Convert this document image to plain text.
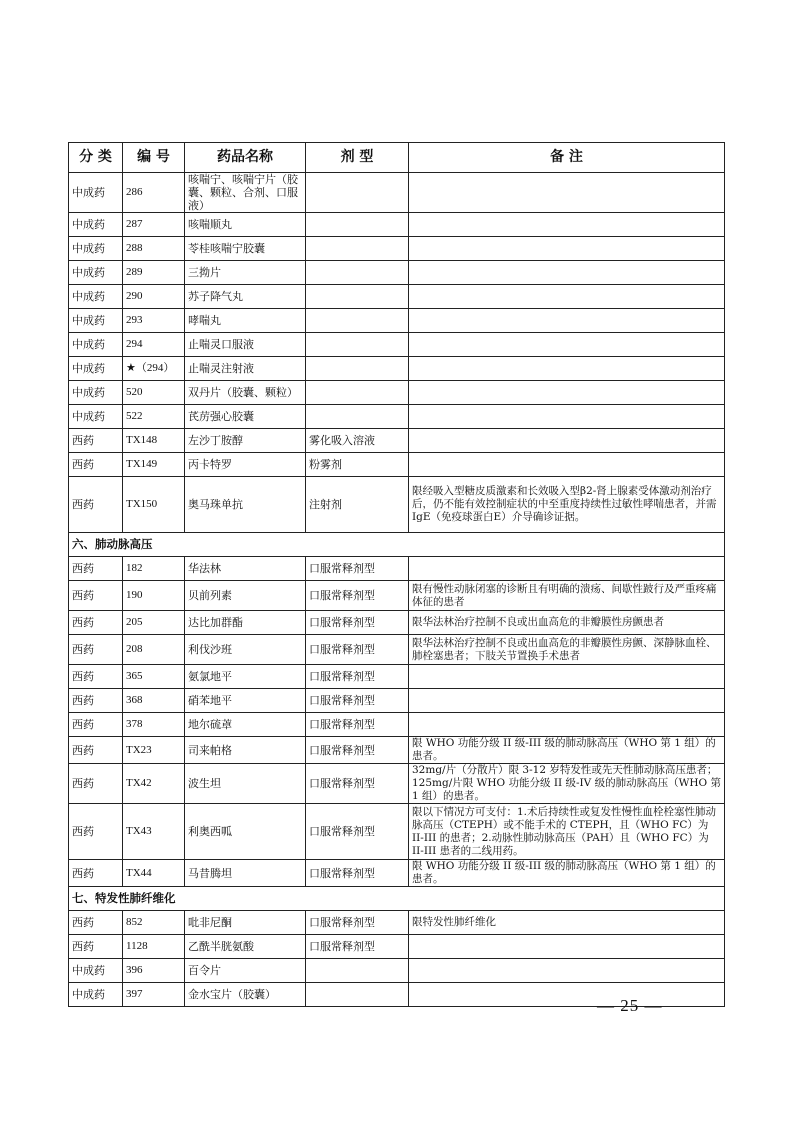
分 类	编 号	药品名称	剂 型	备 注
中成药	286	咳喘宁、咳喘宁片（胶囊、颗粒、合剂、口服液）		
中成药	287	咳喘顺丸		
中成药	288	苓桂咳喘宁胶囊		
中成药	289	三拗片		
中成药	290	苏子降气丸		
中成药	293	哮喘丸		
中成药	294	止喘灵口服液		
中成药	★（294）	止喘灵注射液		
中成药	520	双丹片（胶囊、颗粒）		
中成药	522	芪苈强心胶囊		
西药	TX148	左沙丁胺醇	雾化吸入溶液	
西药	TX149	丙卡特罗	粉雾剂	
西药	TX150	奥马珠单抗	注射剂	限经吸入型糖皮质激素和长效吸入型β2-肾上腺素受体激动剂治疗后，仍不能有效控制症状的中至重度持续性过敏性哮喘患者，并需IgE（免疫球蛋白E）介导确诊证据。
六、肺动脉高压				
西药	182	华法林	口服常释剂型	
西药	190	贝前列素	口服常释剂型	限有慢性动脉闭塞的诊断且有明确的溃疡、间歇性跛行及严重疼痛体征的患者
西药	205	达比加群酯	口服常释剂型	限华法林治疗控制不良或出血高危的非瓣膜性房颤患者
西药	208	利伐沙班	口服常释剂型	限华法林治疗控制不良或出血高危的非瓣膜性房颤、深静脉血栓、肺栓塞患者；下肢关节置换手术患者
西药	365	氨氯地平	口服常释剂型	
西药	368	硝苯地平	口服常释剂型	
西药	378	地尔硫䓬	口服常释剂型	
西药	TX23	司来帕格	口服常释剂型	限 WHO 功能分级 II 级-III 级的肺动脉高压（WHO 第 1 组）的患者。
西药	TX42	波生坦	口服常释剂型	32mg/片（分散片）限 3-12 岁特发性或先天性肺动脉高压患者；125mg/片限 WHO 功能分级 II 级-IV 级的肺动脉高压（WHO 第 1 组）的患者。
西药	TX43	利奥西呱	口服常释剂型	限以下情况方可支付：1.术后持续性或复发性慢性血栓栓塞性肺动脉高压（CTEPH）或不能手术的 CTEPH，且（WHO FC）为 II-III 的患者；2.动脉性肺动脉高压（PAH）且（WHO FC）为 II-III 患者的二线用药。
西药	TX44	马昔腾坦	口服常释剂型	限 WHO 功能分级 II 级-III 级的肺动脉高压（WHO 第 1 组）的患者。
七、特发性肺纤维化				
西药	852	吡非尼酮	口服常释剂型	限特发性肺纤维化
西药	1128	乙酰半胱氨酸	口服常释剂型	
中成药	396	百令片		
中成药	397	金水宝片（胶囊）		
— 25 —
